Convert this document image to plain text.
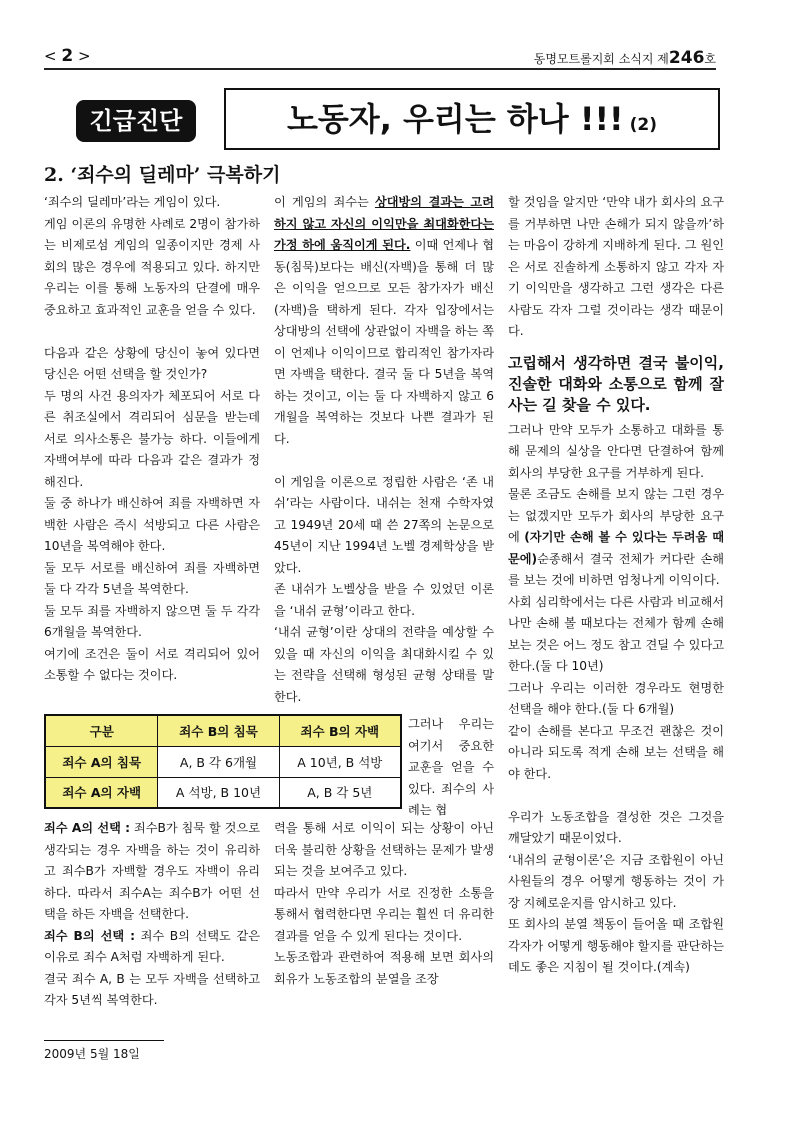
< 2 >	동명모트롤지회 소식지 제246호
긴급진단	노동자, 우리는 하나 !!! (2)
2. ‘죄수의 딜레마’ 극복하기

‘죄수의 딜레마’라는 게임이 있다.

게임 이론의 유명한 사례로 2명이 참가하는 비제로섬 게임의 일종이지만 경제 사회의 많은 경우에 적용되고 있다. 하지만 우리는 이를 통해 노동자의 단결에 매우 중요하고 효과적인 교훈을 얻을 수 있다.

다음과 같은 상황에 당신이 놓여 있다면 당신은 어떤 선택을 할 것인가?

두 명의 사건 용의자가 체포되어 서로 다른 취조실에서 격리되어 심문을 받는데 서로 의사소통은 불가능 하다. 이들에게 자백여부에 따라 다음과 같은 결과가 정해진다.

둘 중 하나가 배신하여 죄를 자백하면 자백한 사람은 즉시 석방되고 다른 사람은 10년을 복역해야 한다.

둘 모두 서로를 배신하여 죄를 자백하면 둘 다 각각 5년을 복역한다.

둘 모두 죄를 자백하지 않으면 둘 두 각각 6개월을 복역한다.

여기에 조건은 둘이 서로 격리되어 있어 소통할 수 없다는 것이다.

이 게임의 죄수는 상대방의 결과는 고려하지 않고 자신의 이익만을 최대화한다는 가정 하에 움직이게 된다. 이때 언제나 협동(침묵)보다는 배신(자백)을 통해 더 많은 이익을 얻으므로 모든 참가자가 배신(자백)을 택하게 된다. 각자 입장에서는 상대방의 선택에 상관없이 자백을 하는 쪽이 언제나 이익이므로 합리적인 참가자라면 자백을 택한다. 결국 둘 다 5년을 복역하는 것이고, 이는 둘 다 자백하지 않고 6개월을 복역하는 것보다 나쁜 결과가 된다.

이 게임을 이론으로 정립한 사람은 ‘존 내쉬’라는 사람이다. 내쉬는 천재 수학자였고 1949년 20세 때 쓴 27쪽의 논문으로 45년이 지난 1994년 노벨 경제학상을 받았다.

존 내쉬가 노벨상을 받을 수 있었던 이론을 ‘내쉬 균형’이라고 한다.

‘내쉬 균형’이란 상대의 전략을 예상할 수 있을 때 자신의 이익을 최대화시킬 수 있는 전략을 선택해 형성된 균형 상태를 말한다.

구분	죄수 B의 침묵	죄수 B의 자백
죄수 A의 침묵	A, B 각 6개월	A 10년, B 석방
죄수 A의 자백	A 석방, B 10년	A, B 각 5년
그러나 우리는 여기서 중요한 교훈을 얻을 수 있다. 죄수의 사례는 협

죄수 A의 선택 : 죄수B가 침묵 할 것으로 생각되는 경우 자백을 하는 것이 유리하고 죄수B가 자백할 경우도 자백이 유리하다. 따라서 죄수A는 죄수B가 어떤 선택을 하든 자백을 선택한다.

죄수 B의 선택 : 죄수 B의 선택도 같은 이유로 죄수 A처럼 자백하게 된다.

결국 죄수 A, B 는 모두 자백을 선택하고 각자 5년씩 복역한다.

력을 통해 서로 이익이 되는 상황이 아닌 더욱 불리한 상황을 선택하는 문제가 발생되는 것을 보여주고 있다.

따라서 만약 우리가 서로 진정한 소통을 통해서 협력한다면 우리는 훨씬 더 유리한 결과를 얻을 수 있게 된다는 것이다.

노동조합과 관련하여 적용해 보면 회사의 회유가 노동조합의 분열을 조장

할 것임을 알지만 ‘만약 내가 회사의 요구를 거부하면 나만 손해가 되지 않을까’하는 마음이 강하게 지배하게 된다. 그 원인은 서로 진솔하게 소통하지 않고 각자 자기 이익만을 생각하고 그런 생각은 다른 사람도 각자 그럴 것이라는 생각 때문이다.

고립해서 생각하면 결국 불이익, 진솔한 대화와 소통으로 함께 잘 사는 길 찾을 수 있다.

그러나 만약 모두가 소통하고 대화를 통해 문제의 실상을 안다면 단결하여 함께 회사의 부당한 요구를 거부하게 된다.

물론 조금도 손해를 보지 않는 그런 경우는 없겠지만 모두가 회사의 부당한 요구에 (자기만 손해 볼 수 있다는 두려움 때문에)순종해서 결국 전체가 커다란 손해를 보는 것에 비하면 엄청나게 이익이다.

사회 심리학에서는 다른 사람과 비교해서 나만 손해 볼 때보다는 전체가 함께 손해 보는 것은 어느 정도 참고 견딜 수 있다고 한다.(둘 다 10년)

그러나 우리는 이러한 경우라도 현명한 선택을 해야 한다.(둘 다 6개월)

같이 손해를 본다고 무조건 괜찮은 것이 아니라 되도록 적게 손해 보는 선택을 해야 한다.

우리가 노동조합을 결성한 것은 그것을 깨달았기 때문이었다.

‘내쉬의 균형이론’은 지금 조합원이 아닌 사원들의 경우 어떻게 행동하는 것이 가장 지혜로운지를 암시하고 있다.

또 회사의 분열 책동이 들어올 때 조합원 각자가 어떻게 행동해야 할지를 판단하는데도 좋은 지침이 될 것이다.(계속)

2009년 5월 18일
